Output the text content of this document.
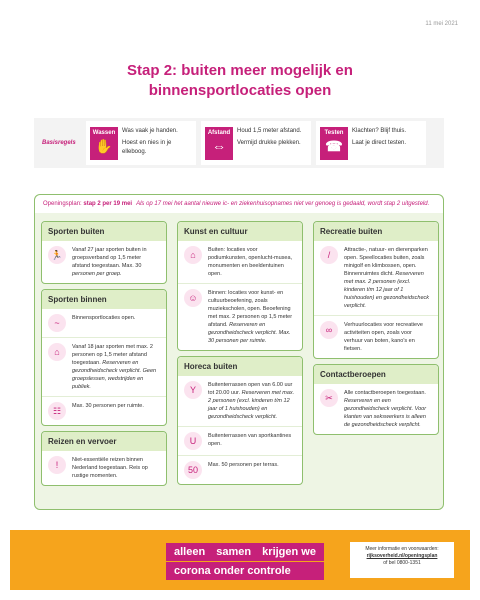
11 mei 2021
Stap 2: buiten meer mogelijk en
binnensportlocaties open
Basisregels
Wassen
✋

Was vaak je handen.

Hoest en nies in je elleboog.

Afstand
⇔

Houd 1,5 meter afstand.

Vermijd drukke plekken.

Testen
☎

Klachten? Blijf thuis.

Laat je direct testen.

Openingsplan: stap 2 per 19 mei Als op 17 mei het aantal nieuwe ic- en ziekenhuisopnames niet ver genoeg is gedaald, wordt stap 2 uitgesteld.
Sporten buiten
🏃	Vanaf 27 jaar sporten buiten in groepsverband op 1,5 meter afstand toegestaan. Max. 30 personen per groep.
Sporten binnen
~	Binnensportlocaties open.
⌂	Vanaf 18 jaar sporten met max. 2 personen op 1,5 meter afstand toegestaan. Reserveren en gezondheidscheck verplicht. Geen groepslessen, wedstrijden en publiek.
☷	Max. 30 personen per ruimte.
Reizen en vervoer
!	Niet-essentiële reizen binnen Nederland toegestaan. Reis op rustige momenten.
Kunst en cultuur
⌂	Buiten: locaties voor podiumkunsten, openlucht-musea, monumenten en beeldentuinen open.
☺	Binnen: locaties voor kunst- en cultuurbeoefening, zoals muziekscholen, open. Beoefening met max. 2 personen op 1,5 meter afstand. Reserveren en gezondheidscheck verplicht. Max. 30 personen per ruimte.
Horeca buiten
Y	Buitenterrassen open van 6.00 uur tot 20.00 uur. Reserveren met max. 2 personen (excl. kinderen t/m 12 jaar of 1 huishouden) en gezondheidscheck verplicht.
U	Buitenterrassen van sportkantines open.
50	Max. 50 personen per terras.
Recreatie buiten
/	Attractie-, natuur- en dierenparken open. Speellocaties buiten, zoals minigolf en klimbossen, open. Binnenruimtes dicht. Reserveren met max. 2 personen (excl. kinderen t/m 12 jaar of 1 huishouden) en gezondheidscheck verplicht.
∞	Verhuurlocaties voor recreatieve activiteiten open, zoals voor verhuur van boten, kano's en fietsen.
Contactberoepen
✂	Alle contactberoepen toegestaan. Reserveren en een gezondheidscheck verplicht. Voor klanten van sekswerkers is alleen de gezondheidscheck verplicht.
alleen samen krijgen we
corona onder controle
Meer informatie en voorwaarden:
rijksoverheid.nl/openingsplan
of bel 0800-1351
